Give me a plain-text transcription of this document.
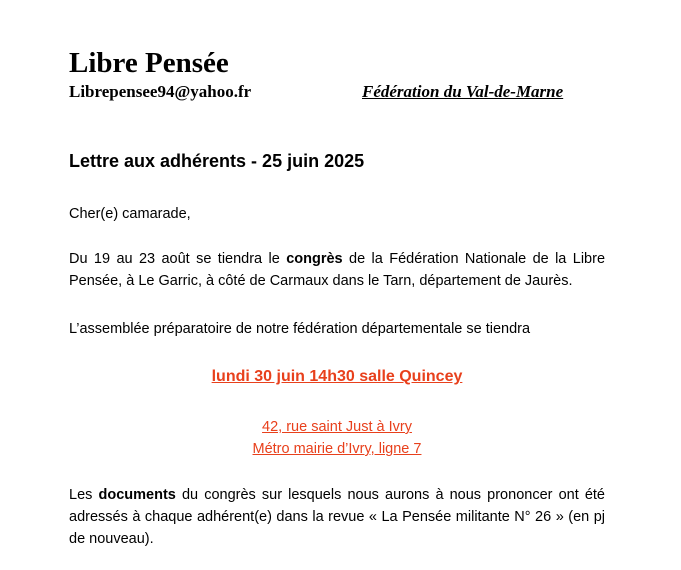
Libre Pensée
Librepensee94@yahoo.fr	Fédération du Val-de-Marne
Lettre aux adhérents - 25 juin 2025

Cher(e) camarade,

Du 19 au 23 août se tiendra le congrès de la Fédération Nationale de la Libre Pensée, à Le Garric, à côté de Carmaux dans le Tarn, département de Jaurès.

L’assemblée préparatoire de notre fédération départementale se tiendra

lundi 30 juin 14h30 salle Quincey

42, rue saint Just à Ivry

Métro mairie d’Ivry, ligne 7

Les documents du congrès sur lesquels nous aurons à nous prononcer ont été adressés à chaque adhérent(e) dans la revue « La Pensée militante N° 26 » (en pj de nouveau).
